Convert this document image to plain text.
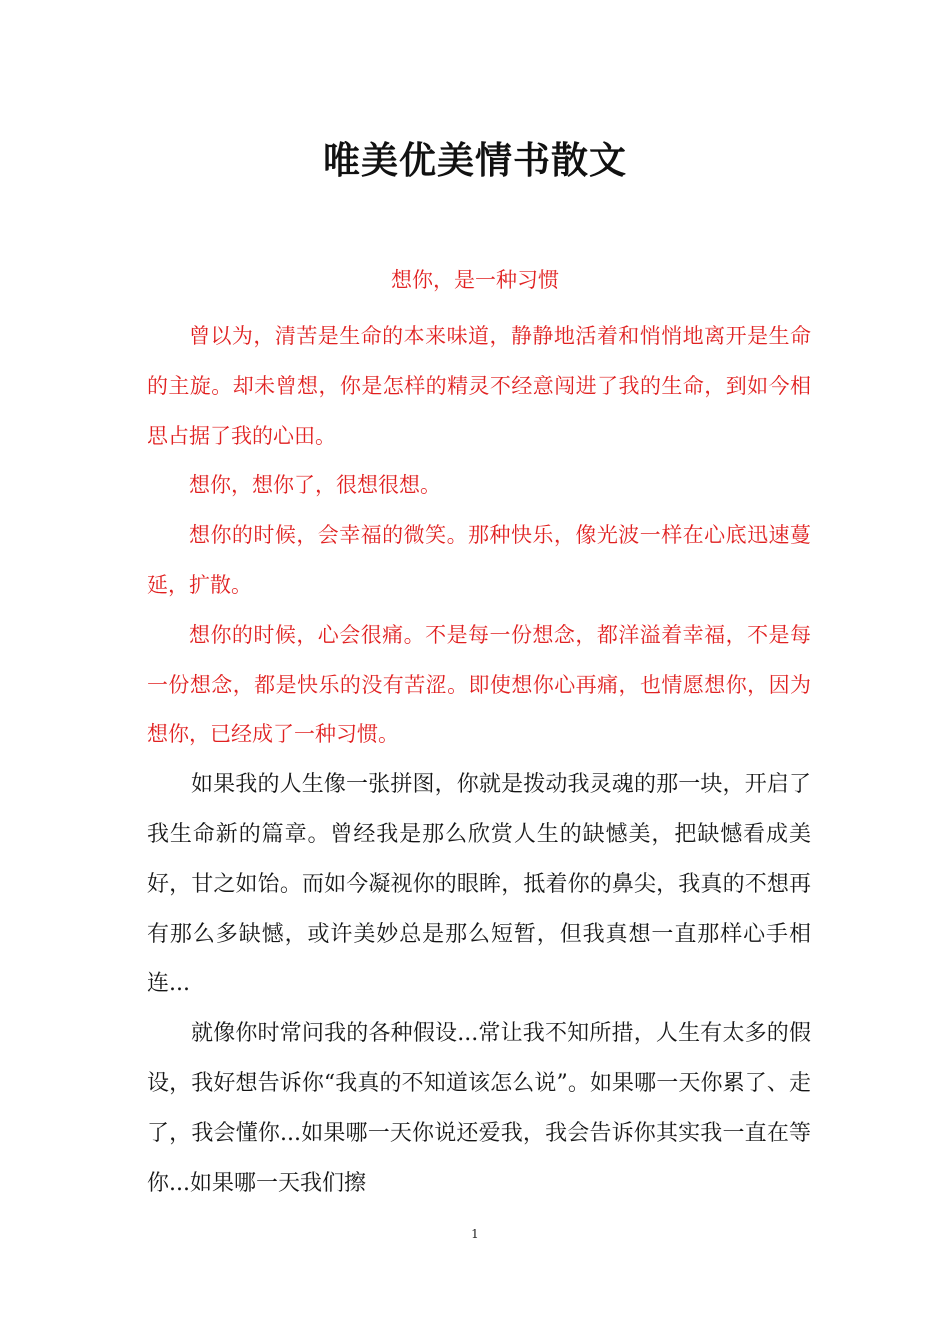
唯美优美情书散文
想你，是一种习惯

曾以为，清苦是生命的本来味道，静静地活着和悄悄地离开是生命的主旋。却未曾想，你是怎样的精灵不经意闯进了我的生命，到如今相思占据了我的心田。

想你，想你了，很想很想。

想你的时候，会幸福的微笑。那种快乐，像光波一样在心底迅速蔓延，扩散。

想你的时候，心会很痛。不是每一份想念，都洋溢着幸福，不是每一份想念，都是快乐的没有苦涩。即使想你心再痛，也情愿想你，因为想你，已经成了一种习惯。

如果我的人生像一张拼图，你就是拨动我灵魂的那一块，开启了我生命新的篇章。曾经我是那么欣赏人生的缺憾美，把缺憾看成美好，甘之如饴。而如今凝视你的眼眸，抵着你的鼻尖，我真的不想再有那么多缺憾，或许美妙总是那么短暂，但我真想一直那样心手相连...

就像你时常问我的各种假设...常让我不知所措，人生有太多的假设，我好想告诉你“我真的不知道该怎么说”。如果哪一天你累了、走了，我会懂你...如果哪一天你说还爱我，我会告诉你其实我一直在等你...如果哪一天我们擦

1
